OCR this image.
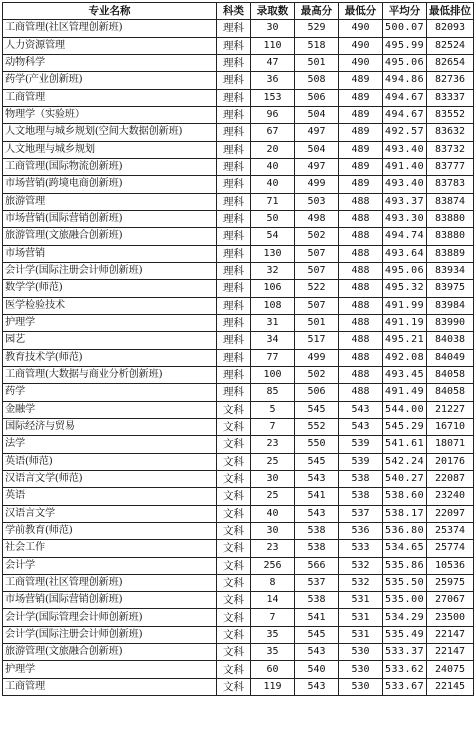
专业名称	科类	录取数	最高分	最低分	平均分	最低排位
工商管理(社区管理创新班)	理科	30	529	490	500.07	82093
人力资源管理	理科	110	518	490	495.99	82524
动物科学	理科	47	501	490	495.06	82654
药学(产业创新班)	理科	36	508	489	494.86	82736
工商管理	理科	153	506	489	494.67	83337
物理学（实验班）	理科	96	504	489	494.67	83552
人文地理与城乡规划(空间大数据创新班)	理科	67	497	489	492.57	83632
人文地理与城乡规划	理科	20	504	489	493.40	83732
工商管理(国际物流创新班)	理科	40	497	489	491.40	83777
市场营销(跨境电商创新班)	理科	40	499	489	493.40	83783
旅游管理	理科	71	503	488	493.37	83874
市场营销(国际营销创新班)	理科	50	498	488	493.30	83880
旅游管理(文旅融合创新班)	理科	54	502	488	494.74	83880
市场营销	理科	130	507	488	493.64	83889
会计学(国际注册会计师创新班)	理科	32	507	488	495.06	83934
数学学(师范)	理科	106	522	488	495.32	83975
医学检验技术	理科	108	507	488	491.99	83984
护理学	理科	31	501	488	491.19	83990
园艺	理科	34	517	488	495.21	84038
教育技术学(师范)	理科	77	499	488	492.08	84049
工商管理(大数据与商业分析创新班)	理科	100	502	488	493.45	84058
药学	理科	85	506	488	491.49	84058
金融学	文科	5	545	543	544.00	21227
国际经济与贸易	文科	7	552	543	545.29	16710
法学	文科	23	550	539	541.61	18071
英语(师范)	文科	25	545	539	542.24	20176
汉语言文学(师范)	文科	30	543	538	540.27	22087
英语	文科	25	541	538	538.60	23240
汉语言文学	文科	40	543	537	538.17	22097
学前教育(师范)	文科	30	538	536	536.80	25374
社会工作	文科	23	538	533	534.65	25774
会计学	文科	256	566	532	535.86	10536
工商管理(社区管理创新班)	文科	8	537	532	535.50	25975
市场营销(国际营销创新班)	文科	14	538	531	535.00	27067
会计学(国际管理会计师创新班)	文科	7	541	531	534.29	23500
会计学(国际注册会计师创新班)	文科	35	545	531	535.49	22147
旅游管理(文旅融合创新班)	文科	35	543	530	533.37	22147
护理学	文科	60	540	530	533.62	24075
工商管理	文科	119	543	530	533.67	22145
